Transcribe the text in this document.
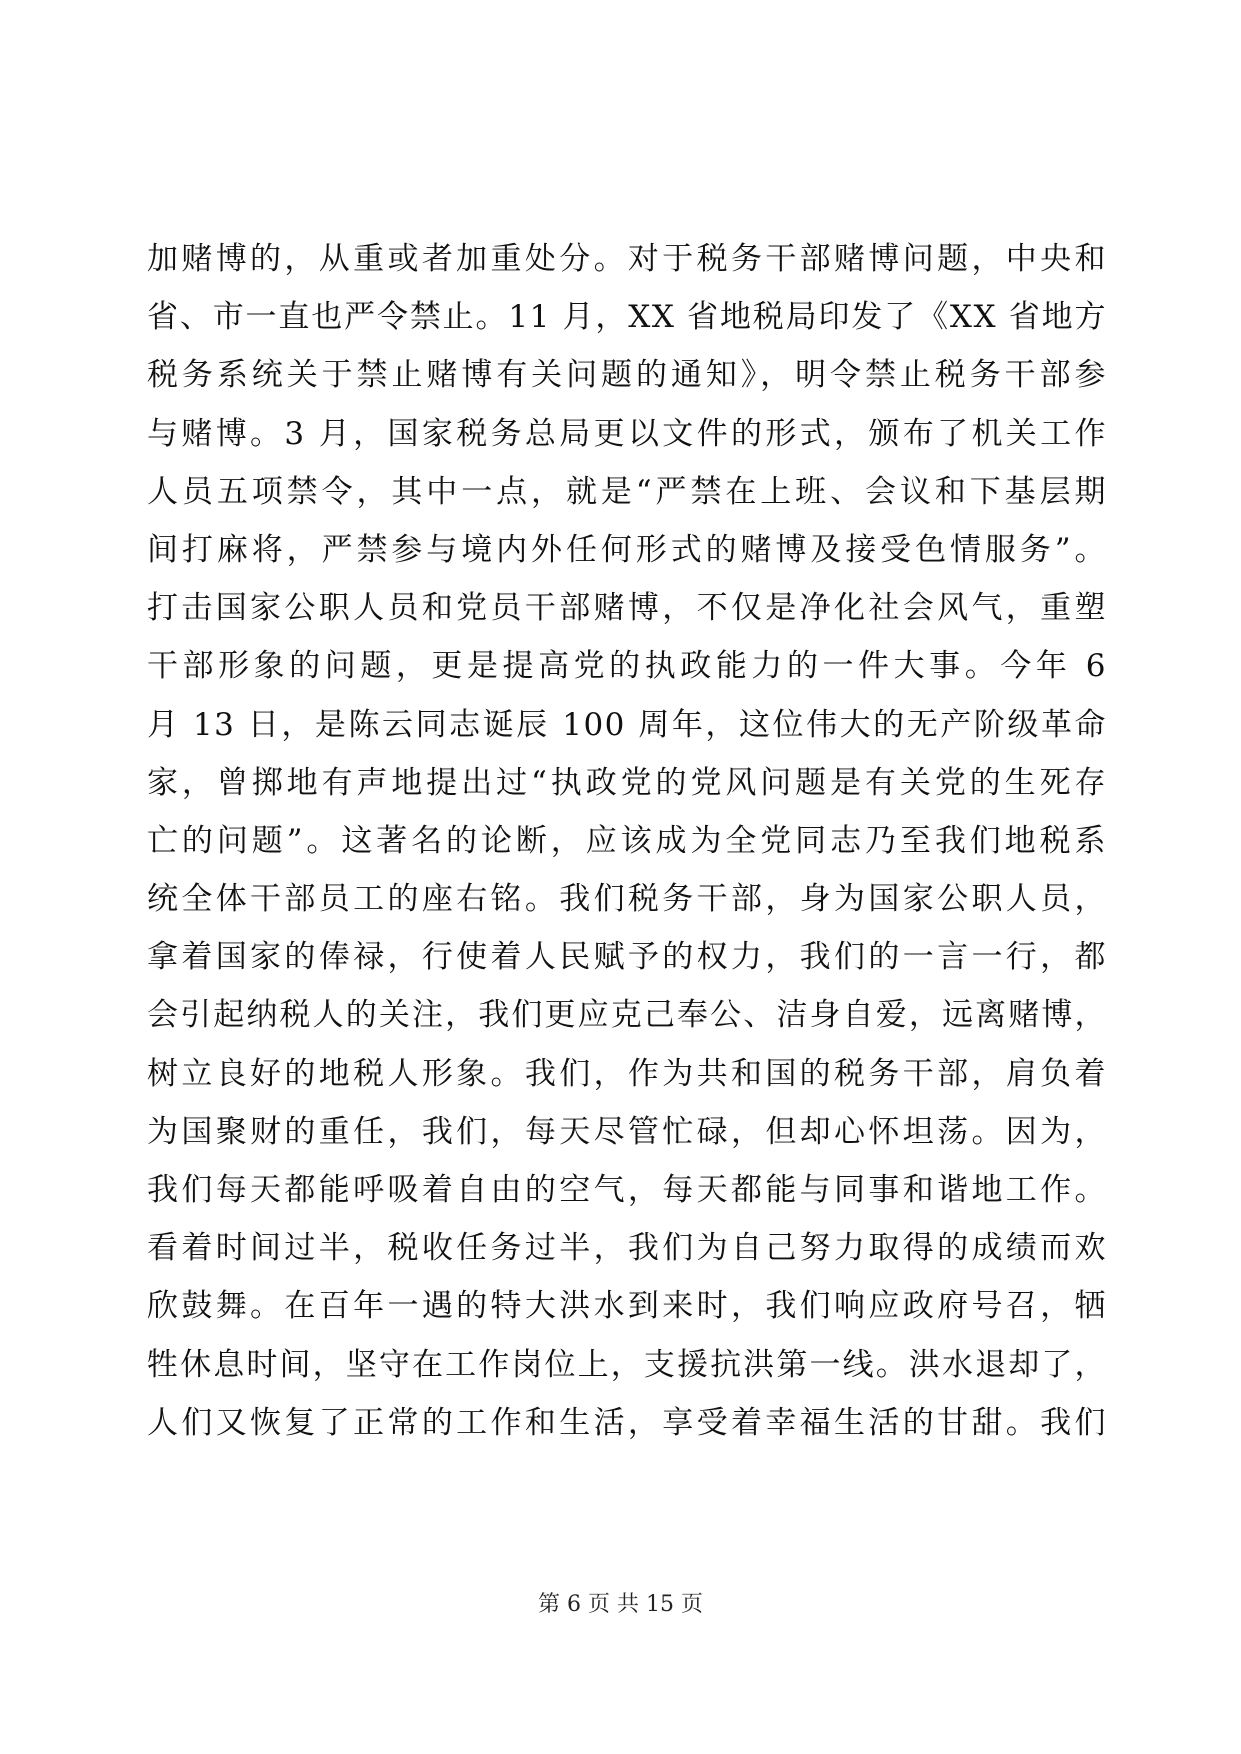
加赌博的，从重或者加重处分。对于税务干部赌博问题，中央和
省、市一直也严令禁止。11 月，XX 省地税局印发了《XX 省地方
税务系统关于禁止赌博有关问题的通知》，明令禁止税务干部参
与赌博。3 月，国家税务总局更以文件的形式，颁布了机关工作
人员五项禁令，其中一点，就是“严禁在上班、会议和下基层期
间打麻将，严禁参与境内外任何形式的赌博及接受色情服务”。
打击国家公职人员和党员干部赌博，不仅是净化社会风气，重塑
干部形象的问题，更是提高党的执政能力的一件大事。今年 6
月 13 日，是陈云同志诞辰 100 周年，这位伟大的无产阶级革命
家，曾掷地有声地提出过“执政党的党风问题是有关党的生死存
亡的问题”。这著名的论断，应该成为全党同志乃至我们地税系
统全体干部员工的座右铭。我们税务干部，身为国家公职人员，
拿着国家的俸禄，行使着人民赋予的权力，我们的一言一行，都
会引起纳税人的关注，我们更应克己奉公、洁身自爱，远离赌博，
树立良好的地税人形象。我们，作为共和国的税务干部，肩负着
为国聚财的重任，我们，每天尽管忙碌，但却心怀坦荡。因为，
我们每天都能呼吸着自由的空气，每天都能与同事和谐地工作。
看着时间过半，税收任务过半，我们为自己努力取得的成绩而欢
欣鼓舞。在百年一遇的特大洪水到来时，我们响应政府号召，牺
牲休息时间，坚守在工作岗位上，支援抗洪第一线。洪水退却了，
人们又恢复了正常的工作和生活，享受着幸福生活的甘甜。我们
第 6 页 共 15 页
